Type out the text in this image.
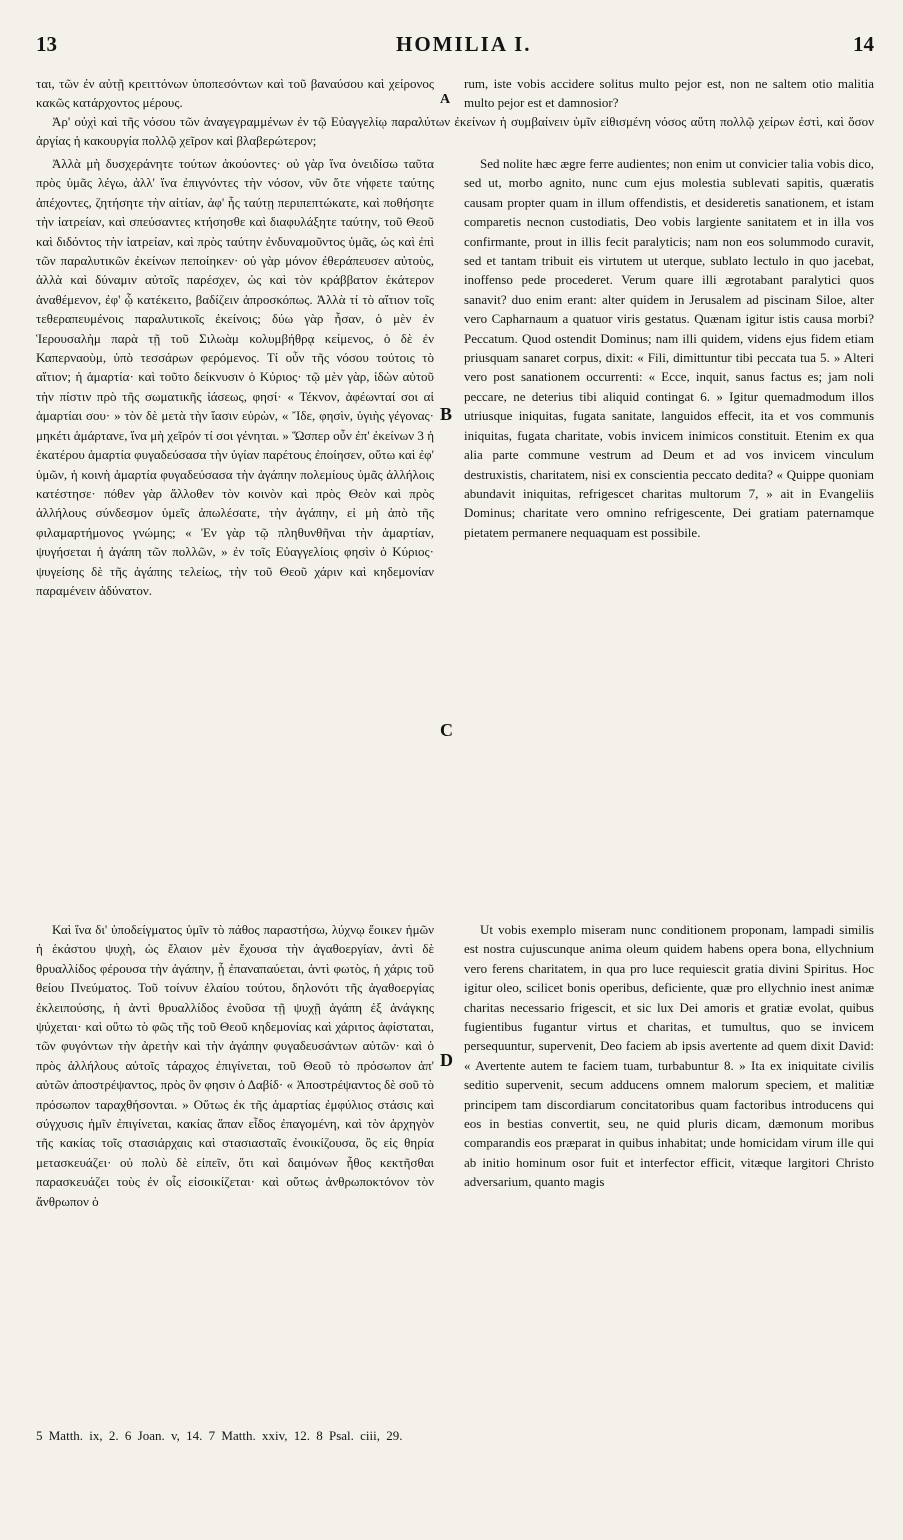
13	HOMILIA I.	14

ται, τῶν ἐν αὐτῇ κρειττόνων ὑποπεσόντων καὶ τοῦ βαναύσου καὶ χείρονος κακῶς κατάρχοντος μέρους.

rum, iste vobis accidere solitus multo pejor est, non ne saltem otio malitia multo pejor est et damnosior?

Ἀρ' οὐχὶ καὶ τῆς νόσου τῶν ἀναγεγραμμένων ἐν τῷ Εὐαγγελίῳ παραλύτων ἐκείνων ἡ συμβαίνειν ὑμῖν εἰθισμένη νόσος αὕτη πολλῷ χείρων ἐστὶ, καὶ ὅσον ἀργίας ἡ κακουργία πολλῷ χεῖρον καὶ βλαβερώτερον;

Ἀλλὰ μὴ δυσχεράνητε τούτων ἀκούοντες· οὐ γὰρ ἵνα ὀνειδίσω ταῦτα πρὸς ὑμᾶς λέγω, ἀλλ' ἵνα ἐπιγνόντες τὴν νόσον, νῦν ὅτε νήφετε ταύτης ἀπέχοντες, ζητήσητε τὴν αἰτίαν, ἀφ' ἧς ταύτῃ περιπεπτώκατε, καὶ ποθήσητε τὴν ἰατρείαν, καὶ σπεύσαντες κτήσησθε καὶ διαφυλάξητε ταύτην, τοῦ Θεοῦ καὶ διδόντος τὴν ἰατρείαν, καὶ πρὸς ταύτην ἐνδυναμοῦντος ὑμᾶς, ὡς καὶ ἐπὶ τῶν παραλυτικῶν ἐκείνων πεποίηκεν· οὐ γὰρ μόνον ἐθεράπευσεν αὐτοὺς, ἀλλὰ καὶ δύναμιν αὐτοῖς παρέσχεν, ὡς καὶ τὸν κράββατον ἑκάτερον ἀναθέμενον, ἐφ' ᾧ κατέκειτο, βαδίζειν ἀπροσκόπως. Ἀλλὰ τί τὸ αἴτιον τοῖς τεθεραπευμένοις παραλυτικοῖς ἐκείνοις; δύω γὰρ ἦσαν, ὁ μὲν ἐν Ἱερουσαλὴμ παρὰ τῇ τοῦ Σιλωὰμ κολυμβήθρᾳ κείμενος, ὁ δὲ ἐν Καπερναοὺμ, ὑπὸ τεσσάρων φερόμενος. Τί οὖν τῆς νόσου τούτοις τὸ αἴτιον; ἡ ἁμαρτία· καὶ τοῦτο δείκνυσιν ὁ Κύριος· τῷ μὲν γὰρ, ἰδὼν αὐτοῦ τὴν πίστιν πρὸ τῆς σωματικῆς ἰάσεως, φησί· « Τέκνον, ἀφέωνταί σοι αἱ ἁμαρτίαι σου· » τὸν δὲ μετὰ τὴν ἴασιν εὑρὼν, « Ἴδε, φησὶν, ὑγιὴς γέγονας· μηκέτι ἁμάρτανε, ἵνα μὴ χεῖρόν τί σοι γένηται. » Ὥσπερ οὖν ἐπ' ἐκείνων 3 ἡ ἑκατέρου ἁμαρτία φυγαδεύσασα τὴν ὑγίαν παρέτους ἐποίησεν, οὕτω καὶ ἐφ' ὑμῶν, ἡ κοινὴ ἁμαρτία φυγαδεύσασα τὴν ἀγάπην πολεμίους ὑμᾶς ἀλλήλοις κατέστησε· πόθεν γὰρ ἄλλοθεν τὸν κοινὸν καὶ πρὸς Θεὸν καὶ πρὸς ἀλλήλους σύνδεσμον ὑμεῖς ἀπωλέσατε, τὴν ἀγάπην, εἰ μὴ ἀπὸ τῆς φιλαμαρτήμονος γνώμης; « Ἐν γὰρ τῷ πληθυνθῆναι τὴν ἁμαρτίαν, ψυγήσεται ἡ ἀγάπη τῶν πολλῶν, » ἐν τοῖς Εὐαγγελίοις φησὶν ὁ Κύριος· ψυγείσης δὲ τῆς ἀγάπης τελείως, τὴν τοῦ Θεοῦ χάριν καὶ κηδεμονίαν παραμένειν ἀδύνατον.

Sed nolite hæc ægre ferre audientes; non enim ut convicier talia vobis dico, sed ut, morbo agnito, nunc cum ejus molestia sublevati sapitis, quæratis causam propter quam in illum offendistis, et desideretis sanationem, et istam comparetis necnon custodiatis, Deo vobis largiente sanitatem et in illa vos confirmante, prout in illis fecit paralyticis; nam non eos solummodo curavit, sed et tantam tribuit eis virtutem ut uterque, sublato lectulo in quo jacebat, inoffenso pede procederet. Verum quare illi ægrotabant paralytici quos sanavit? duo enim erant: alter quidem in Jerusalem ad piscinam Siloe, alter vero Capharnaum a quatuor viris gestatus. Quænam igitur istis causa morbi? Peccatum. Quod ostendit Dominus; nam illi quidem, videns ejus fidem etiam priusquam sanaret corpus, dixit: « Fili, dimittuntur tibi peccata tua 5. » Alteri vero post sanationem occurrenti: « Ecce, inquit, sanus factus es; jam noli peccare, ne deterius tibi aliquid contingat 6. » Igitur quemadmodum illos utriusque iniquitas, fugata sanitate, languidos effecit, ita et vos communis iniquitas, fugata charitate, vobis invicem inimicos constituit. Etenim ex qua alia parte commune vestrum ad Deum et ad vos invicem vinculum destruxistis, charitatem, nisi ex conscientia peccato dedita? « Quippe quoniam abundavit iniquitas, refrigescet charitas multorum 7, » ait in Evangeliis Dominus; charitate vero omnino refrigescente, Dei gratiam paternamque pietatem permanere nequaquam est possibile.

Καὶ ἵνα δι' ὑποδείγματος ὑμῖν τὸ πάθος παραστήσω, λύχνῳ ἔοικεν ἡμῶν ἡ ἑκάστου ψυχὴ, ὡς ἔλαιον μὲν ἔχουσα τὴν ἀγαθοεργίαν, ἀντὶ δὲ θρυαλλίδος φέρουσα τὴν ἀγάπην, ᾗ ἐπαναπαύεται, ἀντὶ φωτὸς, ἡ χάρις τοῦ θείου Πνεύματος. Τοῦ τοίνυν ἐλαίου τούτου, δηλονότι τῆς ἀγαθοεργίας ἐκλειπούσης, ἡ ἀντὶ θρυαλλίδος ἐνοῦσα τῇ ψυχῇ ἀγάπη ἐξ ἀνάγκης ψύχεται· καὶ οὕτω τὸ φῶς τῆς τοῦ Θεοῦ κηδεμονίας καὶ χάριτος ἀφίσταται, τῶν φυγόντων τὴν ἀρετὴν καὶ τὴν ἀγάπην φυγαδευσάντων αὐτῶν· καὶ ὁ πρὸς ἀλλήλους αὐτοῖς τάραχος ἐπιγίνεται, τοῦ Θεοῦ τὸ πρόσωπον ἀπ' αὐτῶν ἀποστρέψαντος, πρὸς ὃν φησιν ὁ Δαβίδ· « Ἀποστρέψαντος δὲ σοῦ τὸ πρόσωπον ταραχθήσονται. » Οὕτως ἐκ τῆς ἁμαρτίας ἐμφύλιος στάσις καὶ σύγχυσις ἡμῖν ἐπιγίνεται, κακίας ἅπαν εἶδος ἐπαγομένη, καὶ τὸν ἀρχηγὸν τῆς κακίας τοῖς στασιάρχαις καὶ στασιασταῖς ἐνοικίζουσα, ὃς εἰς θηρία μετασκευάζει· οὐ πολὺ δὲ εἰπεῖν, ὅτι καὶ δαιμόνων ἦθος κεκτῆσθαι παρασκευάζει τοὺς ἐν οἷς εἰσοικίζεται· καὶ οὕτως ἀνθρωποκτόνον τὸν ἄνθρωπον ὁ

Ut vobis exemplo miseram nunc conditionem proponam, lampadi similis est nostra cujuscunque anima oleum quidem habens opera bona, ellychnium vero ferens charitatem, in qua pro luce requiescit gratia divini Spiritus. Hoc igitur oleo, scilicet bonis operibus, deficiente, quæ pro ellychnio inest animæ charitas necessario frigescit, et sic lux Dei amoris et gratiæ evolat, quibus fugientibus fugantur virtus et charitas, et tumultus, quo se invicem persequuntur, supervenit, Deo faciem ab ipsis avertente ad quem dixit David: « Avertente autem te faciem tuam, turbabuntur 8. » Ita ex iniquitate civilis seditio supervenit, secum adducens omnem malorum speciem, et malitiæ principem tam discordiarum concitatoribus quam factoribus introducens qui eos in bestias convertit, seu, ne quid pluris dicam, dæmonum moribus comparandis eos præparat in quibus inhabitat; unde homicidam virum ille qui ab initio hominum osor fuit et interfector efficit, vitæque largitori Christo adversarium, quanto magis

A
B
C
D
5 Matth. ix, 2. 6 Joan. v, 14. 7 Matth. xxiv, 12. 8 Psal. ciii, 29.
